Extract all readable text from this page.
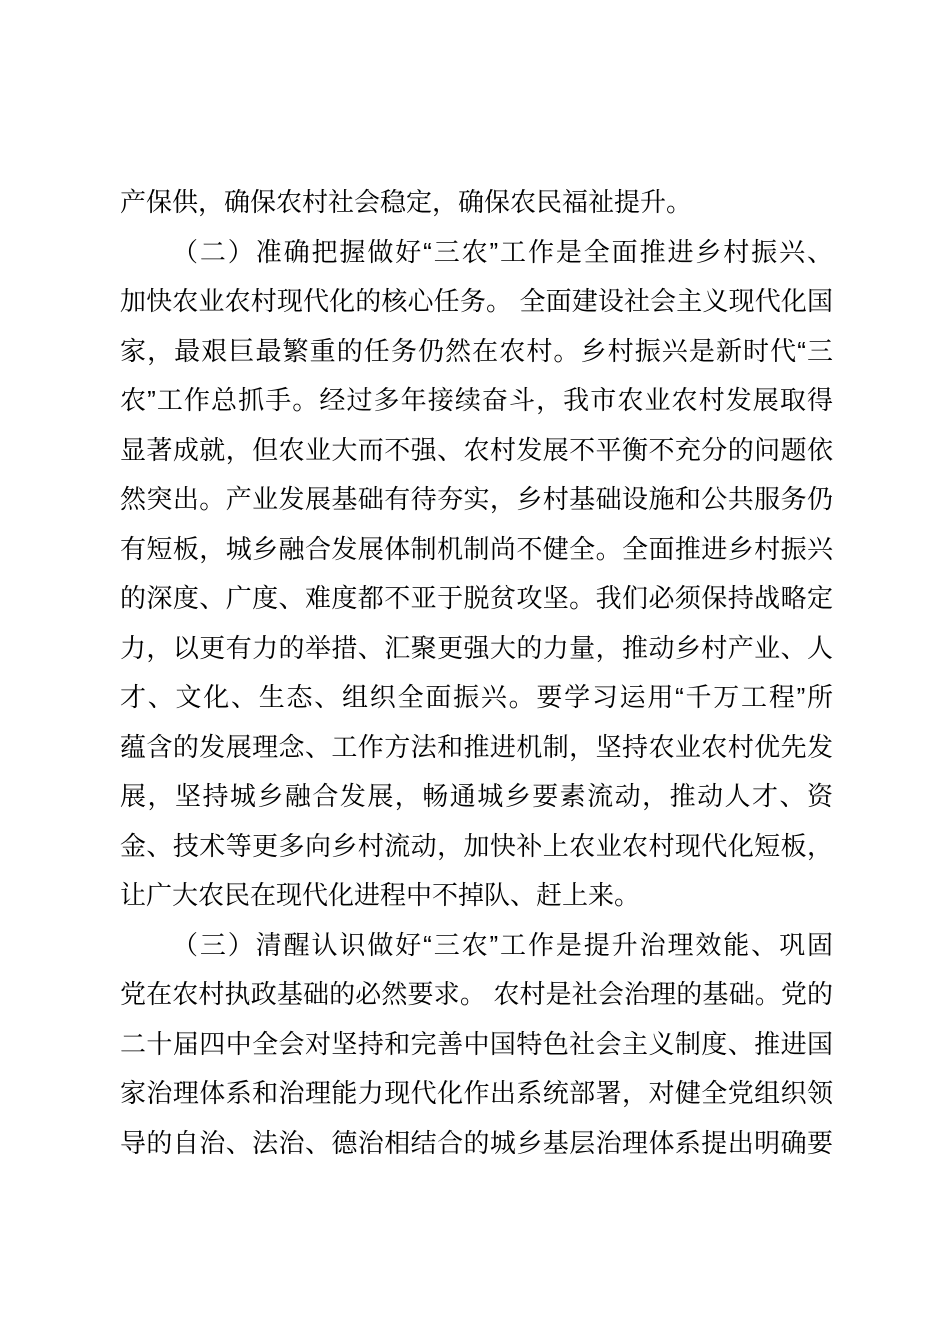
产保供，确保农村社会稳定，确保农民福祉提升。
（二）准确把握做好“三农”工作是全面推进乡村振兴、
加快农业农村现代化的核心任务。 全面建设社会主义现代化国
家，最艰巨最繁重的任务仍然在农村。乡村振兴是新时代“三
农”工作总抓手。经过多年接续奋斗，我市农业农村发展取得
显著成就，但农业大而不强、农村发展不平衡不充分的问题依
然突出。产业发展基础有待夯实，乡村基础设施和公共服务仍
有短板，城乡融合发展体制机制尚不健全。全面推进乡村振兴
的深度、广度、难度都不亚于脱贫攻坚。我们必须保持战略定
力，以更有力的举措、汇聚更强大的力量，推动乡村产业、人
才、文化、生态、组织全面振兴。要学习运用“千万工程”所
蕴含的发展理念、工作方法和推进机制，坚持农业农村优先发
展，坚持城乡融合发展，畅通城乡要素流动，推动人才、资
金、技术等更多向乡村流动，加快补上农业农村现代化短板，
让广大农民在现代化进程中不掉队、赶上来。
（三）清醒认识做好“三农”工作是提升治理效能、巩固
党在农村执政基础的必然要求。 农村是社会治理的基础。党的
二十届四中全会对坚持和完善中国特色社会主义制度、推进国
家治理体系和治理能力现代化作出系统部署，对健全党组织领
导的自治、法治、德治相结合的城乡基层治理体系提出明确要
